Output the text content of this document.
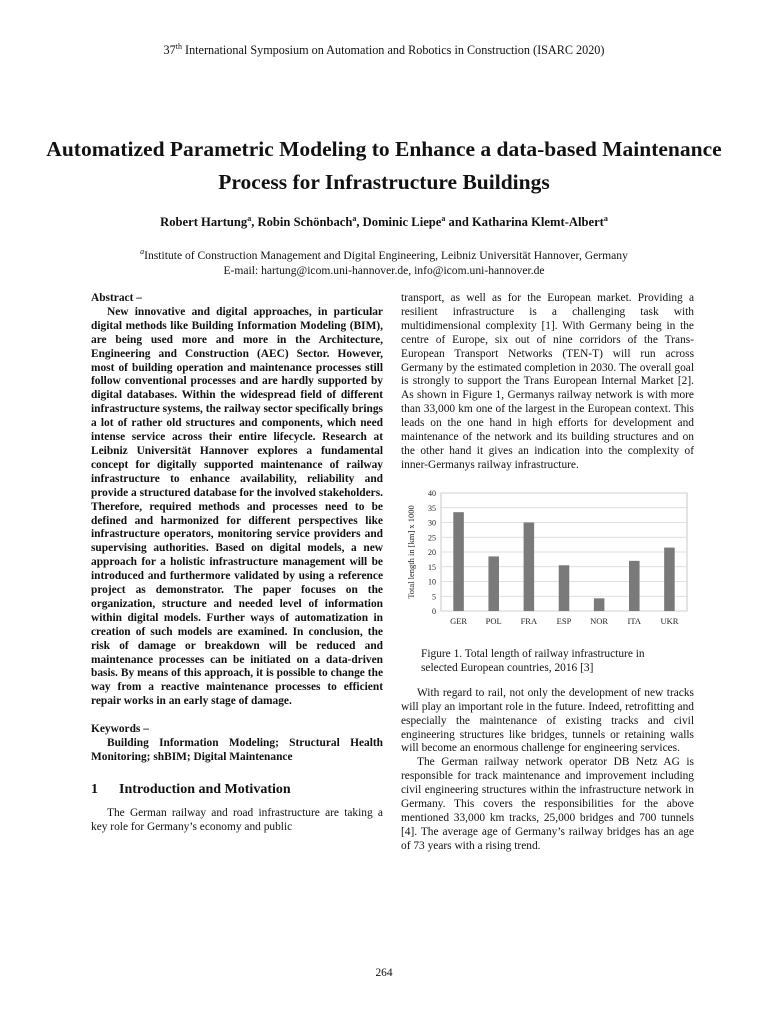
37th International Symposium on Automation and Robotics in Construction (ISARC 2020)
Automatized Parametric Modeling to Enhance a data-based Maintenance Process for Infrastructure Buildings
Robert Hartung$^a$, Robin Schönbach$^a$, Dominic Liepe$^a$ and Katharina Klemt-Albert$^a$
$^a$Institute of Construction Management and Digital Engineering, Leibniz Universität Hannover, Germany
E-mail: hartung@icom.uni-hannover.de, info@icom.uni-hannover.de
Abstract –

New innovative and digital approaches, in particular digital methods like Building Information Modeling (BIM), are being used more and more in the Architecture, Engineering and Construction (AEC) Sector. However, most of building operation and maintenance processes still follow conventional processes and are hardly supported by digital databases. Within the widespread field of different infrastructure systems, the railway sector specifically brings a lot of rather old structures and components, which need intense service across their entire lifecycle. Research at Leibniz Universität Hannover explores a fundamental concept for digitally supported maintenance of railway infrastructure to enhance availability, reliability and provide a structured database for the involved stakeholders. Therefore, required methods and processes need to be defined and harmonized for different perspectives like infrastructure operators, monitoring service providers and supervising authorities. Based on digital models, a new approach for a holistic infrastructure management will be introduced and furthermore validated by using a reference project as demonstrator. The paper focuses on the organization, structure and needed level of information within digital models. Further ways of automatization in creation of such models are examined. In conclusion, the risk of damage or breakdown will be reduced and maintenance processes can be initiated on a data-driven basis. By means of this approach, it is possible to change the way from a reactive maintenance processes to efficient repair works in an early stage of damage.

Keywords –

Building Information Modeling; Structural Health Monitoring; shBIM; Digital Maintenance

1 Introduction and Motivation

The German railway and road infrastructure are taking a key role for Germany’s economy and public

transport, as well as for the European market. Providing a resilient infrastructure is a challenging task with multidimensional complexity [1]. With Germany being in the centre of Europe, six out of nine corridors of the Trans-European Transport Networks (TEN-T) will run across Germany by the estimated completion in 2030. The overall goal is strongly to support the Trans European Internal Market [2]. As shown in Figure 1, Germanys railway network is with more than 33,000 km one of the largest in the European context. This leads on the one hand in high efforts for development and maintenance of the network and its building structures and on the other hand it gives an indication into the complexity of inner-Germanys railway infrastructure.

0
5
10
15
20
25
30
35
40
GER POL FRA ESP NOR ITA UKR
Total length in [km] x 1000

Figure 1. Total length of railway infrastructure in selected European countries, 2016 [3]

With regard to rail, not only the development of new tracks will play an important role in the future. Indeed, retrofitting and especially the maintenance of existing tracks and civil engineering structures like bridges, tunnels or retaining walls will become an enormous challenge for engineering services.

The German railway network operator DB Netz AG is responsible for track maintenance and improvement including civil engineering structures within the infrastructure network in Germany. This covers the responsibilities for the above mentioned 33,000 km tracks, 25,000 bridges and 700 tunnels [4]. The average age of Germany’s railway bridges has an age of 73 years with a rising trend.

264
